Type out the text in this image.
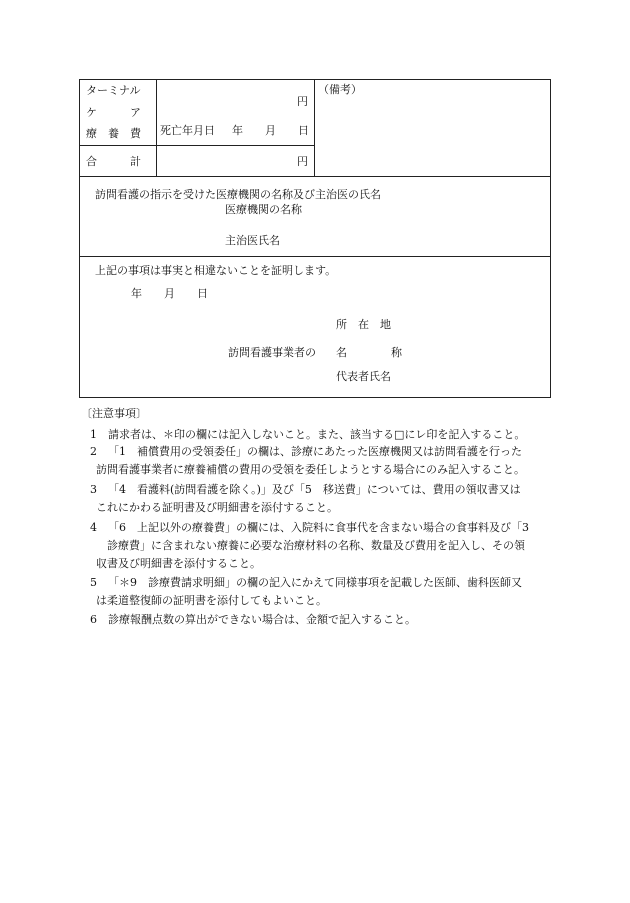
ターミナル
ケ　　　ア
療　養　費
円
死亡年月日 年　　月　　日
（備考）
合　　　計	円
訪問看護の指示を受けた医療機関の名称及び主治医の氏名
医療機関の名称
主治医氏名
上記の事項は事実と相違ないことを証明します。
年　　月　　日
所　在　地
訪問看護事業者の 名　　　　称
代表者氏名
〔注意事項〕
1 請求者は、＊印の欄には記入しないこと。また、該当する□にレ印を記入すること。
2 「1　補償費用の受領委任」の欄は、診療にあたった医療機関又は訪問看護を行った
訪問看護事業者に療養補償の費用の受領を委任しようとする場合にのみ記入すること。
3 「4　看護料(訪問看護を除く。)」及び「5　移送費」については、費用の領収書又は
これにかわる証明書及び明細書を添付すること。
4 「6　上記以外の療養費」の欄には、入院料に食事代を含まない場合の食事料及び「3
　診療費」に含まれない療養に必要な治療材料の名称、数量及び費用を記入し、その領
収書及び明細書を添付すること。
5 「＊9　診療費請求明細」の欄の記入にかえて同様事項を記載した医師、歯科医師又
は柔道整復師の証明書を添付してもよいこと。
6 診療報酬点数の算出ができない場合は、金額で記入すること。
